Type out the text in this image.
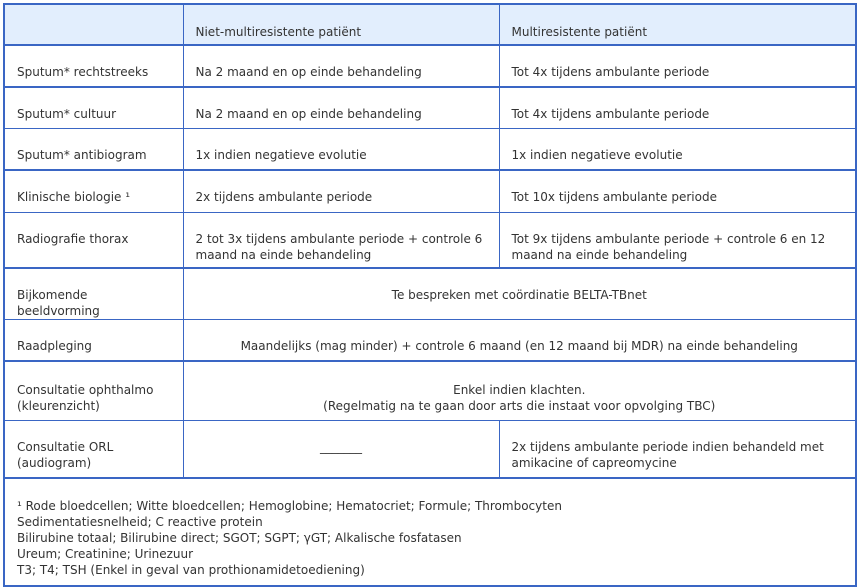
	Niet-multiresistente patiënt	Multiresistente patiënt
Sputum* rechtstreeks	Na 2 maand en op einde behandeling	Tot 4x tijdens ambulante periode
Sputum* cultuur	Na 2 maand en op einde behandeling	Tot 4x tijdens ambulante periode
Sputum* antibiogram	1x indien negatieve evolutie	1x indien negatieve evolutie
Klinische biologie ¹	2x tijdens ambulante periode	Tot 10x tijdens ambulante periode
Radiografie thorax	2 tot 3x tijdens ambulante periode + controle 6 maand na einde behandeling	Tot 9x tijdens ambulante periode + controle 6 en 12 maand na einde behandeling
Bijkomende beeldvorming	Te bespreken met coördinatie BELTA-TBnet	
Raadpleging	Maandelijks (mag minder) + controle 6 maand (en 12 maand bij MDR) na einde behandeling	
Consultatie ophthalmo (kleurenzicht)	Enkel indien klachten.
(Regelmatig na te gaan door arts die instaat voor opvolging TBC)	

Consultatie ORL (audiogram)	_______	2x tijdens ambulante periode indien behandeld met amikacine of capreomycine

¹ Rode bloedcellen; Witte bloedcellen; Hemoglobine; Hematocriet; Formule; Thrombocyten
Sedimentatiesnelheid; C reactive protein
Bilirubine totaal; Bilirubine direct; SGOT; SGPT; γGT; Alkalische fosfatasen
Ureum; Creatinine; Urinezuur
T3; T4; TSH (Enkel in geval van prothionamidetoediening)		
